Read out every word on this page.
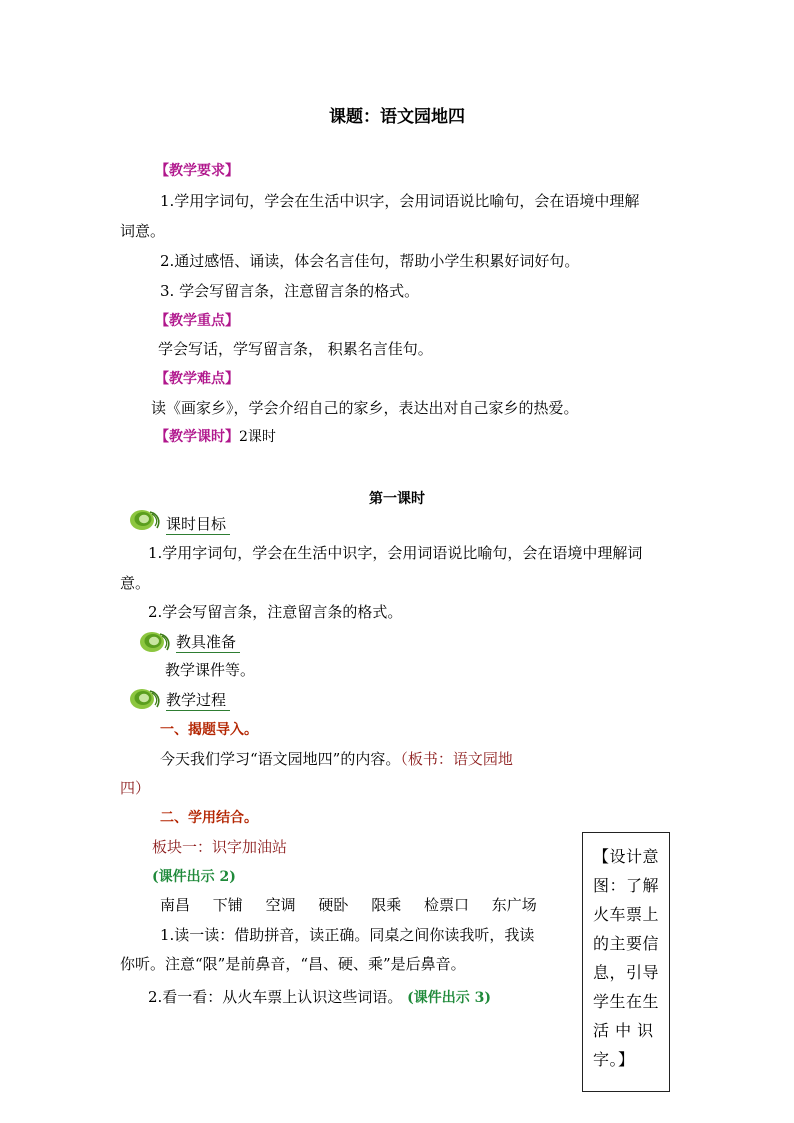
课题：语文园地四
【教学要求】
1.学用字词句，学会在生活中识字，会用词语说比喻句，会在语境中理解
词意。
2.通过感悟、诵读，体会名言佳句，帮助小学生积累好词好句。
3. 学会写留言条，注意留言条的格式。
【教学重点】
学会写话，学写留言条， 积累名言佳句。
【教学难点】
读《画家乡》，学会介绍自己的家乡，表达出对自己家乡的热爱。
【教学课时】2课时
第一课时
课时目标
1.学用字词句，学会在生活中识字，会用词语说比喻句，会在语境中理解词
意。
2.学会写留言条，注意留言条的格式。
教具准备
教学课件等。
教学过程
一、揭题导入。
今天我们学习“语文园地四”的内容。（板书：语文园地
四）
二、学用结合。
板块一：识字加油站
(课件出示 2)
南昌 下铺 空调 硬卧 限乘 检票口 东广场
1.读一读：借助拼音，读正确。同桌之间你读我听，我读
你听。注意“限”是前鼻音，“昌、硬、乘”是后鼻音。
2.看一看：从火车票上认识这些词语。 (课件出示 3)
【设计意
图：了解
火车票上
的主要信
息，引导
学生在生
活 中 识
字。】
